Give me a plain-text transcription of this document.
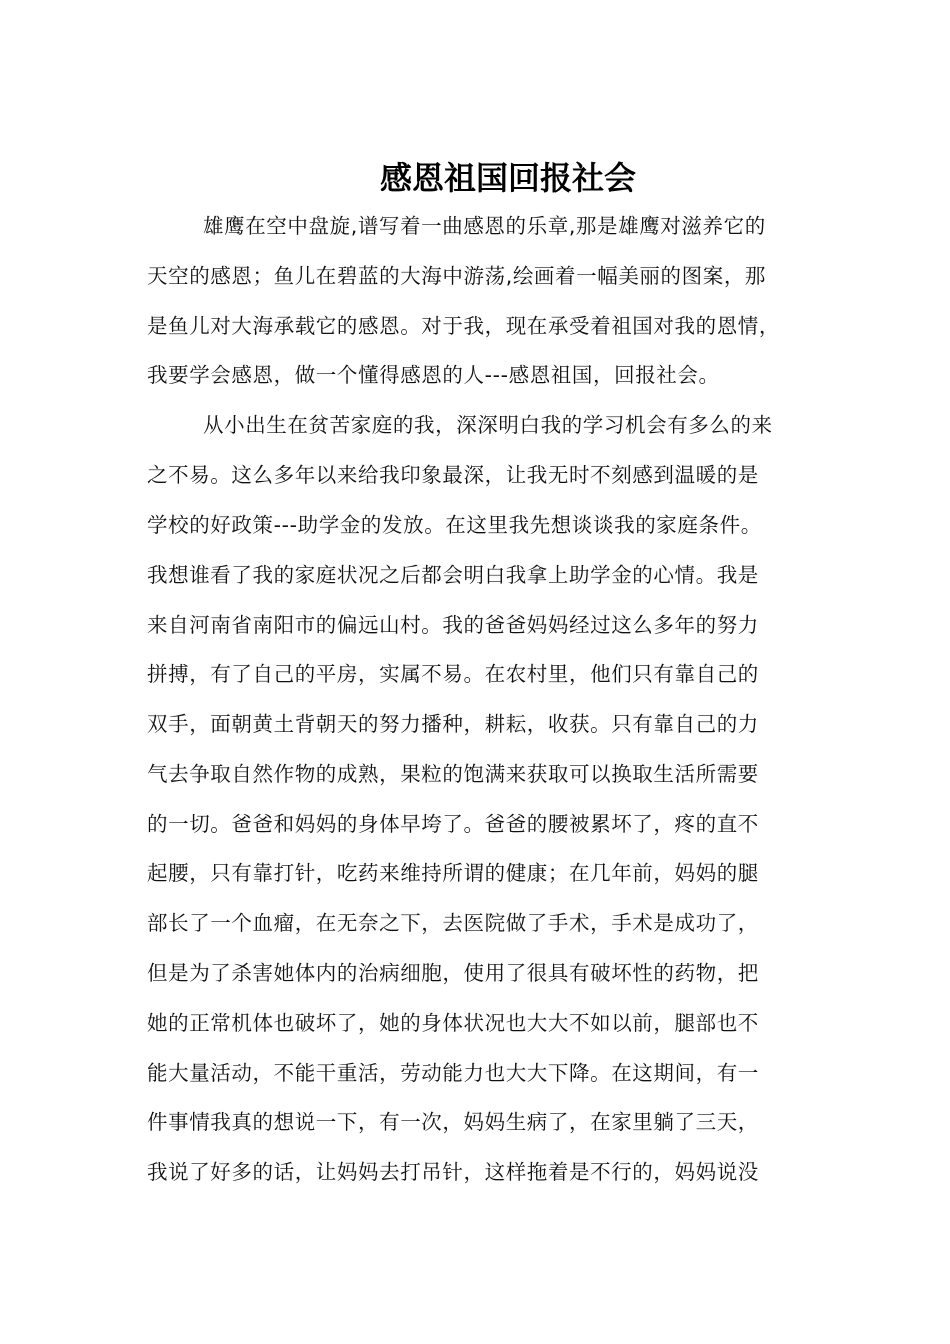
感恩祖国回报社会
雄鹰在空中盘旋,谱写着一曲感恩的乐章,那是雄鹰对滋养它的
天空的感恩；鱼儿在碧蓝的大海中游荡,绘画着一幅美丽的图案，那
是鱼儿对大海承载它的感恩。对于我，现在承受着祖国对我的恩情，
我要学会感恩，做一个懂得感恩的人---感恩祖国，回报社会。
从小出生在贫苦家庭的我，深深明白我的学习机会有多么的来
之不易。这么多年以来给我印象最深，让我无时不刻感到温暖的是
学校的好政策---助学金的发放。在这里我先想谈谈我的家庭条件。
我想谁看了我的家庭状况之后都会明白我拿上助学金的心情。我是
来自河南省南阳市的偏远山村。我的爸爸妈妈经过这么多年的努力
拼搏，有了自己的平房，实属不易。在农村里，他们只有靠自己的
双手，面朝黄土背朝天的努力播种，耕耘，收获。只有靠自己的力
气去争取自然作物的成熟，果粒的饱满来获取可以换取生活所需要
的一切。爸爸和妈妈的身体早垮了。爸爸的腰被累坏了，疼的直不
起腰，只有靠打针，吃药来维持所谓的健康；在几年前，妈妈的腿
部长了一个血瘤，在无奈之下，去医院做了手术，手术是成功了，
但是为了杀害她体内的治病细胞，使用了很具有破坏性的药物，把
她的正常机体也破坏了，她的身体状况也大大不如以前，腿部也不
能大量活动，不能干重活，劳动能力也大大下降。在这期间，有一
件事情我真的想说一下，有一次，妈妈生病了，在家里躺了三天，
我说了好多的话，让妈妈去打吊针，这样拖着是不行的，妈妈说没
